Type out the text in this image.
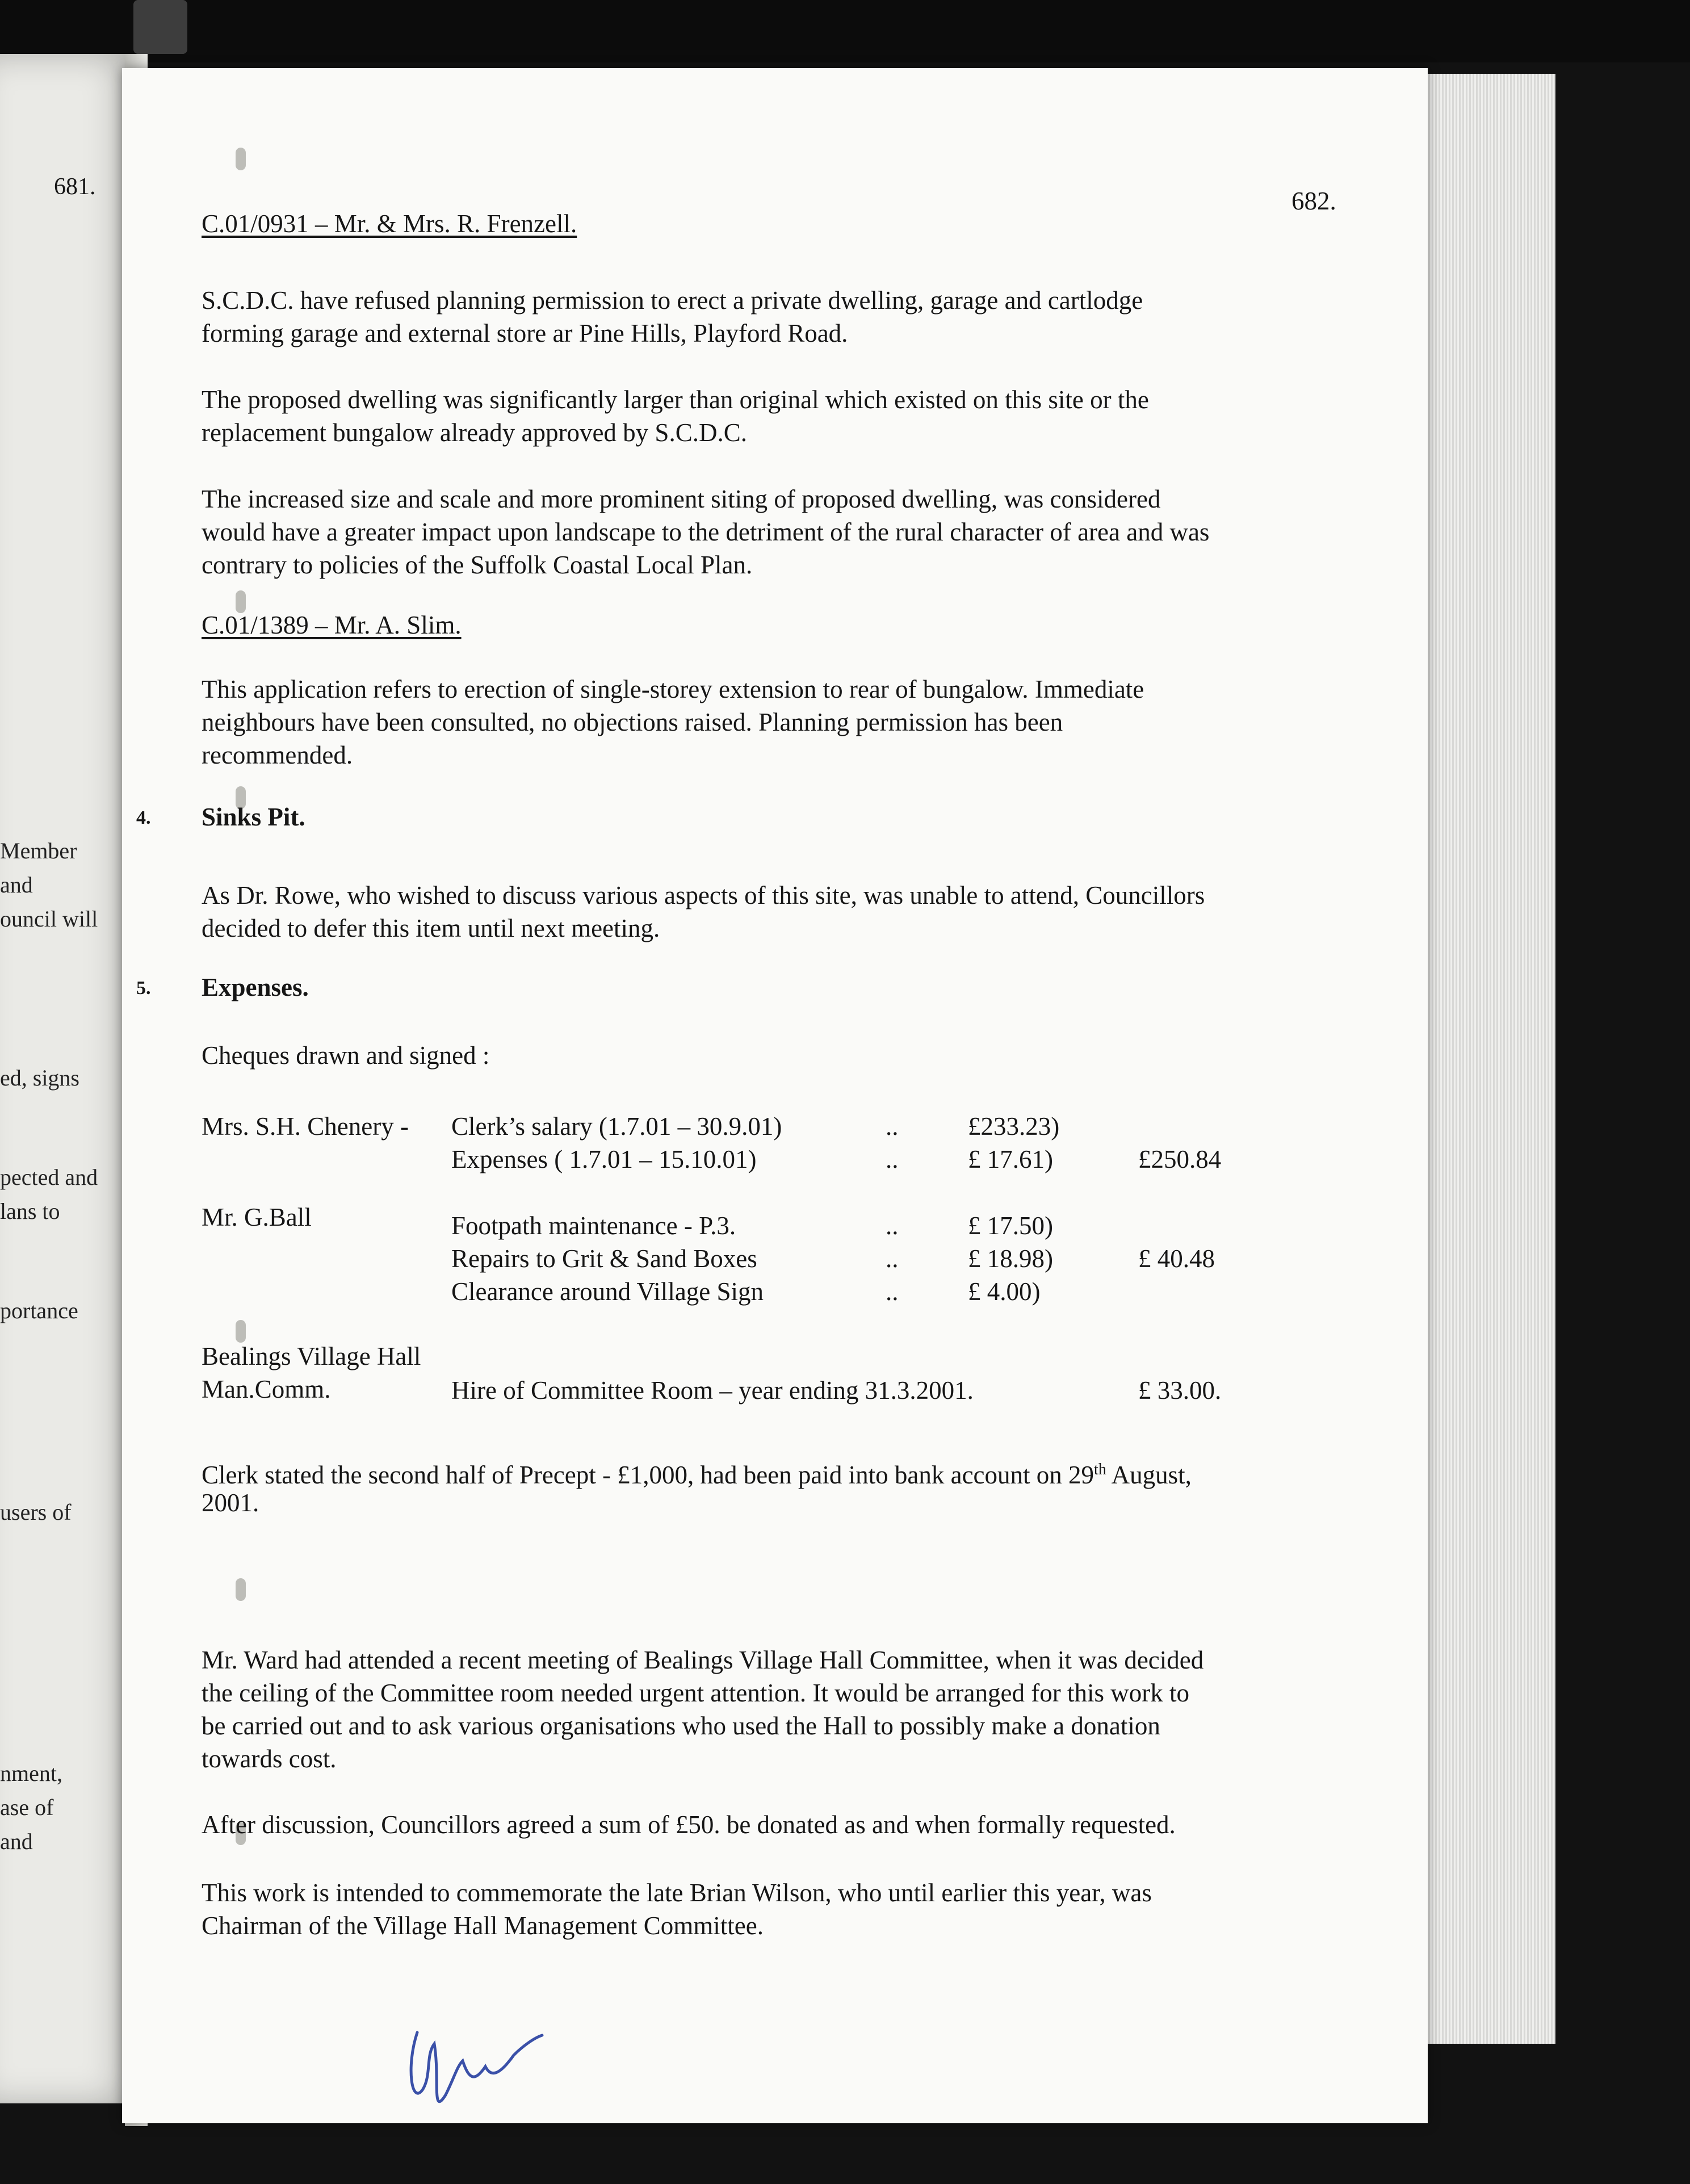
681.
Member
and
ouncil will
ed, signs
pected and
lans to
portance
users of
nment,
ase of
and
682.
C.01/0931 – Mr. & Mrs. R. Frenzell.
S.C.D.C. have refused planning permission to erect a private dwelling, garage and cartlodge
forming garage and external store ar Pine Hills, Playford Road.
The proposed dwelling was significantly larger than original which existed on this site or the
replacement bungalow already approved by S.C.D.C.
The increased size and scale and more prominent siting of proposed dwelling, was considered
would have a greater impact upon landscape to the detriment of the rural character of area and was
contrary to policies of the Suffolk Coastal Local Plan.
C.01/1389 – Mr. A. Slim.
This application refers to erection of single-storey extension to rear of bungalow. Immediate
neighbours have been consulted, no objections raised. Planning permission has been
recommended.
4. Sinks Pit.
As Dr. Rowe, who wished to discuss various aspects of this site, was unable to attend, Councillors
decided to defer this item until next meeting.
5. Expenses.
Cheques drawn and signed :
Mrs. S.H. Chenery - Clerk’s salary (1.7.01 – 30.9.01)	..	£233.23)
Expenses ( 1.7.01 – 15.10.01)	..	£ 17.61)	£250.84
Mr. G.Ball	Footpath maintenance - P.3.	..	£ 17.50)
Repairs to Grit & Sand Boxes	..	£ 18.98)	£ 40.48
Clearance around Village Sign	..	£ 4.00)
Bealings Village Hall
Man.Comm.	Hire of Committee Room – year ending 31.3.2001.	£ 33.00.
Clerk stated the second half of Precept - £1,000, had been paid into bank account on 29th August,
2001.
Mr. Ward had attended a recent meeting of Bealings Village Hall Committee, when it was decided
the ceiling of the Committee room needed urgent attention. It would be arranged for this work to
be carried out and to ask various organisations who used the Hall to possibly make a donation
towards cost.
After discussion, Councillors agreed a sum of £50. be donated as and when formally requested.
This work is intended to commemorate the late Brian Wilson, who until earlier this year, was
Chairman of the Village Hall Management Committee.
